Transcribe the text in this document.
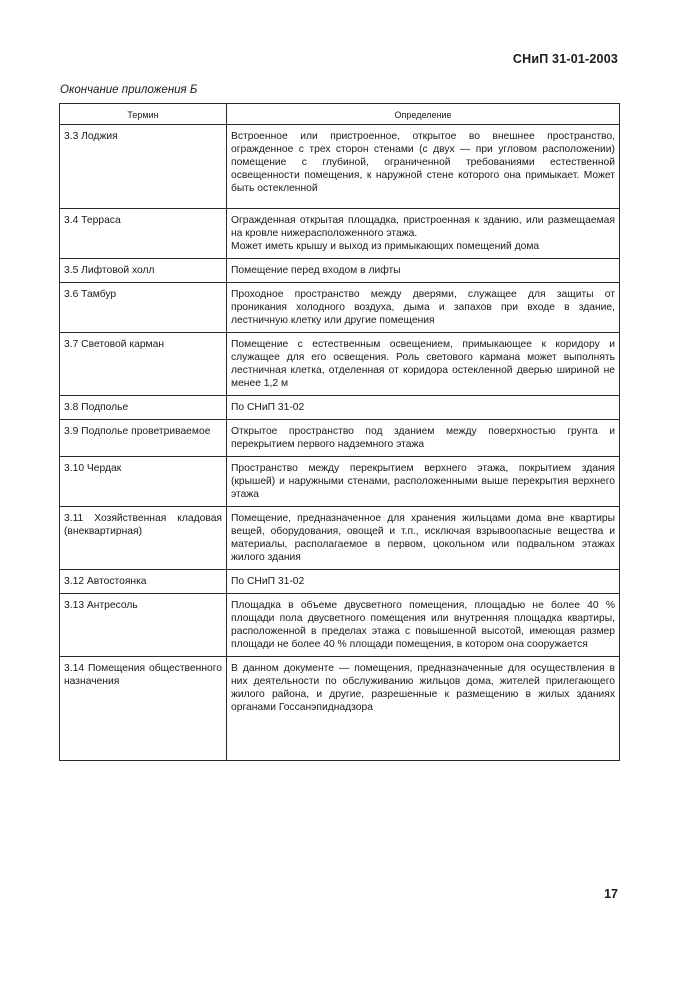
СНиП 31-01-2003
Окончание приложения Б
Термин	Определение
3.3 Лоджия	Встроенное или пристроенное, открытое во внешнее пространство, огражденное с трех сторон стенами (с двух — при угловом расположении) помещение с глубиной, ограниченной требованиями естественной освещенности помещения, к наружной стене которого она примыкает. Может быть остекленной
3.4 Терраса	Огражденная открытая площадка, пристроенная к зданию, или размещаемая на кровле нижерасположенного этажа.
Может иметь крышу и выход из примыкающих помещений дома
3.5 Лифтовой холл	Помещение перед входом в лифты
3.6 Тамбур	Проходное пространство между дверями, служащее для защиты от проникания холодного воздуха, дыма и запахов при входе в здание, лестничную клетку или другие помещения
3.7 Световой карман	Помещение с естественным освещением, примыкающее к коридору и служащее для его освещения. Роль светового кармана может выполнять лестничная клетка, отделенная от коридора остекленной дверью шириной не менее 1,2 м
3.8 Подполье	По СНиП 31-02
3.9 Подполье проветриваемое	Открытое пространство под зданием между поверхностью грунта и перекрытием первого надземного этажа
3.10 Чердак	Пространство между перекрытием верхнего этажа, покрытием здания (крышей) и наружными стенами, расположенными выше перекрытия верхнего этажа
3.11 Хозяйственная кладовая (внеквартирная)	Помещение, предназначенное для хранения жильцами дома вне квартиры вещей, оборудования, овощей и т.п., исключая взрывоопасные вещества и материалы, располагаемое в первом, цокольном или подвальном этажах жилого здания
3.12 Автостоянка	По СНиП 31-02
3.13 Антресоль	Площадка в объеме двусветного помещения, площадью не более 40 % площади пола двусветного помещения или внутренняя площадка квартиры, расположенной в пределах этажа с повышенной высотой, имеющая размер площади не более 40 % площади помещения, в котором она сооружается
3.14 Помещения общественного назначения	В данном документе — помещения, предназначенные для осуществления в них деятельности по обслуживанию жильцов дома, жителей прилегающего жилого района, и другие, разрешенные к размещению в жилых зданиях органами Госсанэпиднадзора
17
